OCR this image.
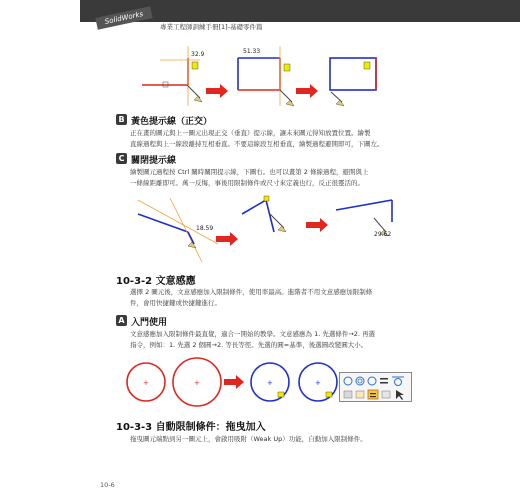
SolidWorks
專業工程師訓練手冊[1]-基礎零件篇
32.9	51.33
B 黃色提示線（正交）
正在畫的圖元與上一圖元出現正交（垂直）提示線，讓未來圖元得知放置位置。繪製
直線過程與上一線段離持互相垂直。不要這線段互相垂直，繪製過程避開即可，下圖左。
C 關閉提示線
繪製圖元過程按 Ctrl 關時關閉提示線，下圖右。也可以畫第 2 條線過程，避開與上
一條線距離即可。萬一反悔，事後用限制條件或尺寸來定義也行，反正很靈活的。
18.59
29.62
10-3-2 文意感應
選擇 2 圖元後，文意感應加入限制條件，使用率最高。進階者不用文意感應加限制條
件，會用快捷鍵或快捷鍵進行。
A 入門使用
文意感應加入限制條件最直覺，適合一開始的教學。文意感應為 1. 先選條件→2. 再選
指令，例如：1. 先選 2 個圓→2. 等長等徑。先選的圓=基準，後選圓改變圓大小。
+	+	+	+
10-3-3 自動限制條件：拖曳加入
拖曳圖元端點到另一圖元上，會啟用吸附（Weak Up）功能，自動加入限制條件。
10-6
